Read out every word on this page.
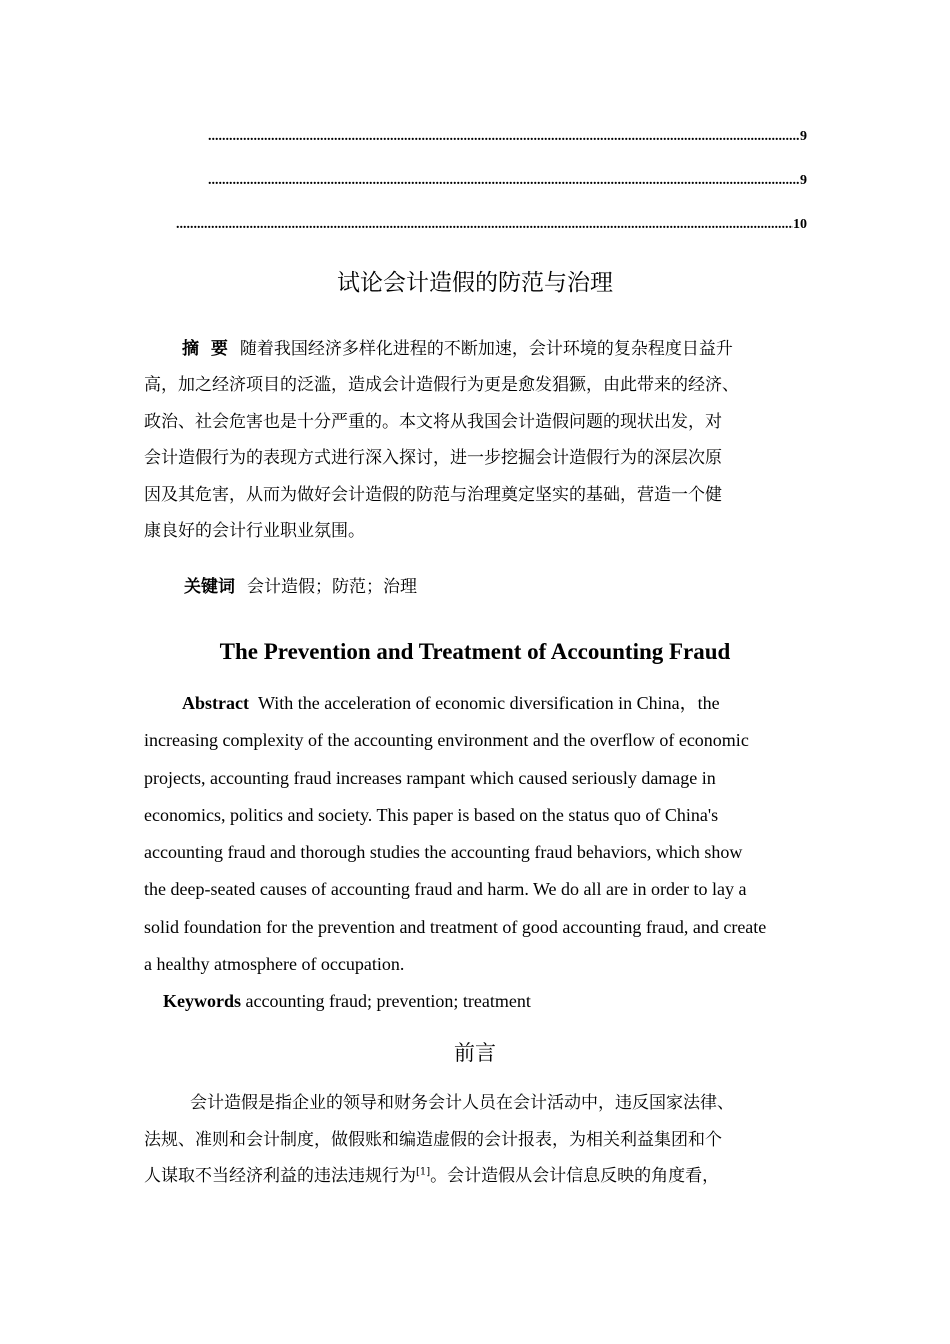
.....
9
.....
9
.....
10
试论会计造假的防范与治理
摘  要 随着我国经济多样化进程的不断加速，会计环境的复杂程度日益升
高，加之经济项目的泛滥，造成会计造假行为更是愈发猖獗，由此带来的经济、
政治、社会危害也是十分严重的。本文将从我国会计造假问题的现状出发，对
会计造假行为的表现方式进行深入探讨，进一步挖掘会计造假行为的深层次原
因及其危害，从而为做好会计造假的防范与治理奠定坚实的基础，营造一个健
康良好的会计行业职业氛围。
关键词 会计造假；防范；治理
The Prevention and Treatment of Accounting Fraud
Abstract With the acceleration of economic diversification in China，the
increasing complexity of the accounting environment and the overflow of economic
projects, accounting fraud increases rampant which caused seriously damage in
economics, politics and society. This paper is based on the status quo of China's
accounting fraud and thorough studies the accounting fraud behaviors, which show
the deep-seated causes of accounting fraud and harm. We do all are in order to lay a
solid foundation for the prevention and treatment of good accounting fraud, and create
a healthy atmosphere of occupation.
Keywords accounting fraud; prevention; treatment
前言
会计造假是指企业的领导和财务会计人员在会计活动中，违反国家法律、
法规、准则和会计制度，做假账和编造虚假的会计报表，为相关利益集团和个
人谋取不当经济利益的违法违规行为[1]。会计造假从会计信息反映的角度看，
